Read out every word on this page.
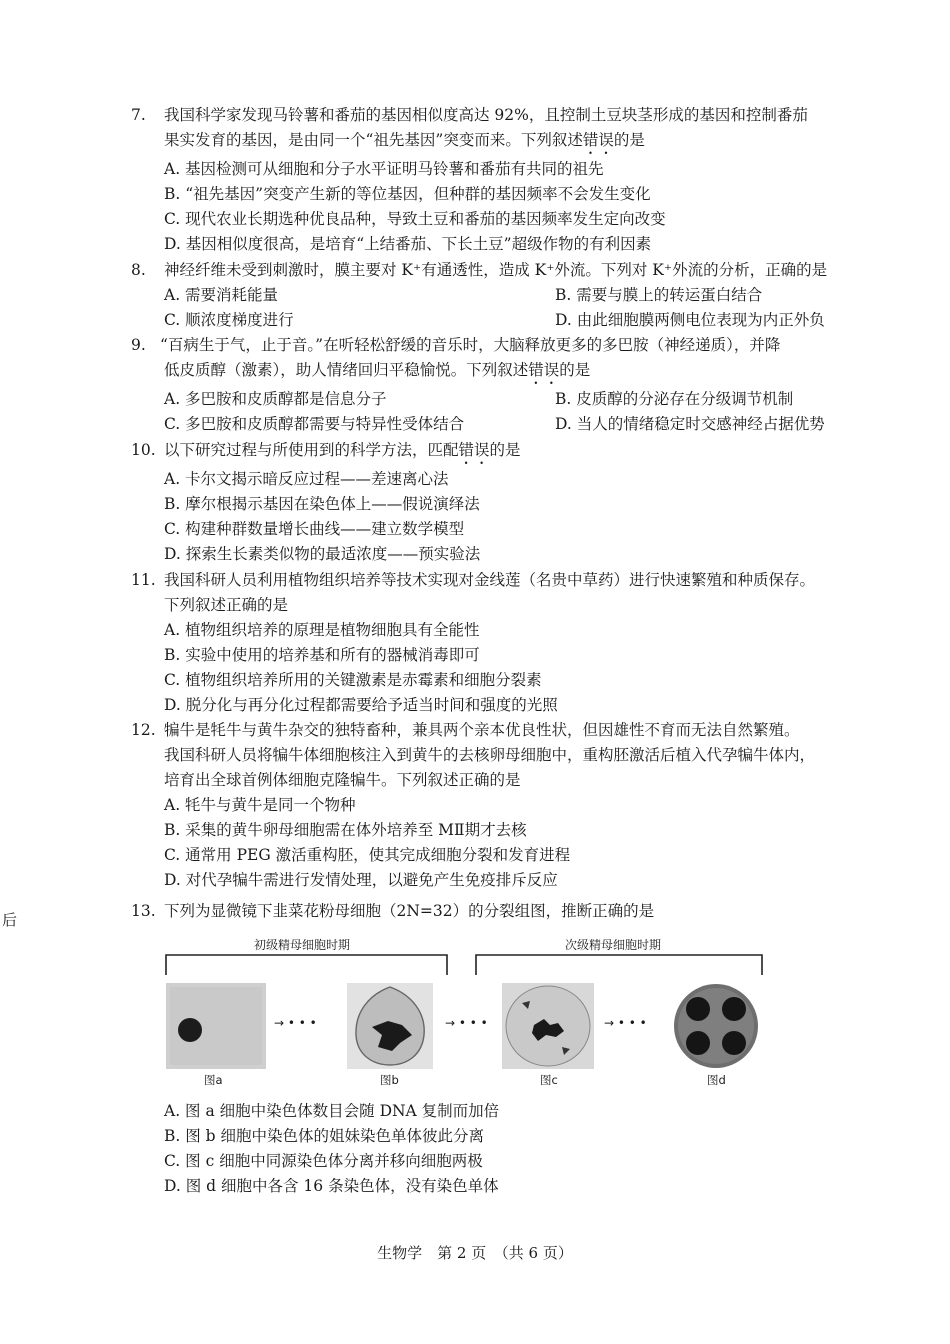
后
7. 我国科学家发现马铃薯和番茄的基因相似度高达 92%，且控制土豆块茎形成的基因和控制番茄
果实发育的基因，是由同一个“祖先基因”突变而来。下列叙述错误的是
A. 基因检测可从细胞和分子水平证明马铃薯和番茄有共同的祖先
B. “祖先基因”突变产生新的等位基因，但种群的基因频率不会发生变化
C. 现代农业长期选种优良品种，导致土豆和番茄的基因频率发生定向改变
D. 基因相似度很高，是培育“上结番茄、下长土豆”超级作物的有利因素
8. 神经纤维未受到刺激时，膜主要对 K⁺有通透性，造成 K⁺外流。下列对 K⁺外流的分析，正确的是
A. 需要消耗能量	B. 需要与膜上的转运蛋白结合
C. 顺浓度梯度进行	D. 由此细胞膜两侧电位表现为内正外负
9. “百病生于气，止于音。”在听轻松舒缓的音乐时，大脑释放更多的多巴胺（神经递质），并降
低皮质醇（激素），助人情绪回归平稳愉悦。下列叙述错误的是
A. 多巴胺和皮质醇都是信息分子	B. 皮质醇的分泌存在分级调节机制
C. 多巴胺和皮质醇都需要与特异性受体结合	D. 当人的情绪稳定时交感神经占据优势
10. 以下研究过程与所使用到的科学方法，匹配错误的是
A. 卡尔文揭示暗反应过程——差速离心法
B. 摩尔根揭示基因在染色体上——假说演绎法
C. 构建种群数量增长曲线——建立数学模型
D. 探索生长素类似物的最适浓度——预实验法
11. 我国科研人员利用植物组织培养等技术实现对金线莲（名贵中草药）进行快速繁殖和种质保存。
下列叙述正确的是
A. 植物组织培养的原理是植物细胞具有全能性
B. 实验中使用的培养基和所有的器械消毒即可
C. 植物组织培养所用的关键激素是赤霉素和细胞分裂素
D. 脱分化与再分化过程都需要给予适当时间和强度的光照
12. 犏牛是牦牛与黄牛杂交的独特畜种，兼具两个亲本优良性状，但因雄性不育而无法自然繁殖。
我国科研人员将犏牛体细胞核注入到黄牛的去核卵母细胞中，重构胚激活后植入代孕犏牛体内，
培育出全球首例体细胞克隆犏牛。下列叙述正确的是
A. 牦牛与黄牛是同一个物种
B. 采集的黄牛卵母细胞需在体外培养至 MⅡ期才去核
C. 通常用 PEG 激活重构胚，使其完成细胞分裂和发育进程
D. 对代孕犏牛需进行发情处理，以避免产生免疫排斥反应
13. 下列为显微镜下韭菜花粉母细胞（2N=32）的分裂组图，推断正确的是
初级精母细胞时期	次级精母细胞时期
→ • • •	→ • • •	→ • • •
图a	图b	图c	图d
A. 图 a 细胞中染色体数目会随 DNA 复制而加倍
B. 图 b 细胞中染色体的姐妹染色单体彼此分离
C. 图 c 细胞中同源染色体分离并移向细胞两极
D. 图 d 细胞中各含 16 条染色体，没有染色单体
生物学　第 2 页　（共 6 页）
